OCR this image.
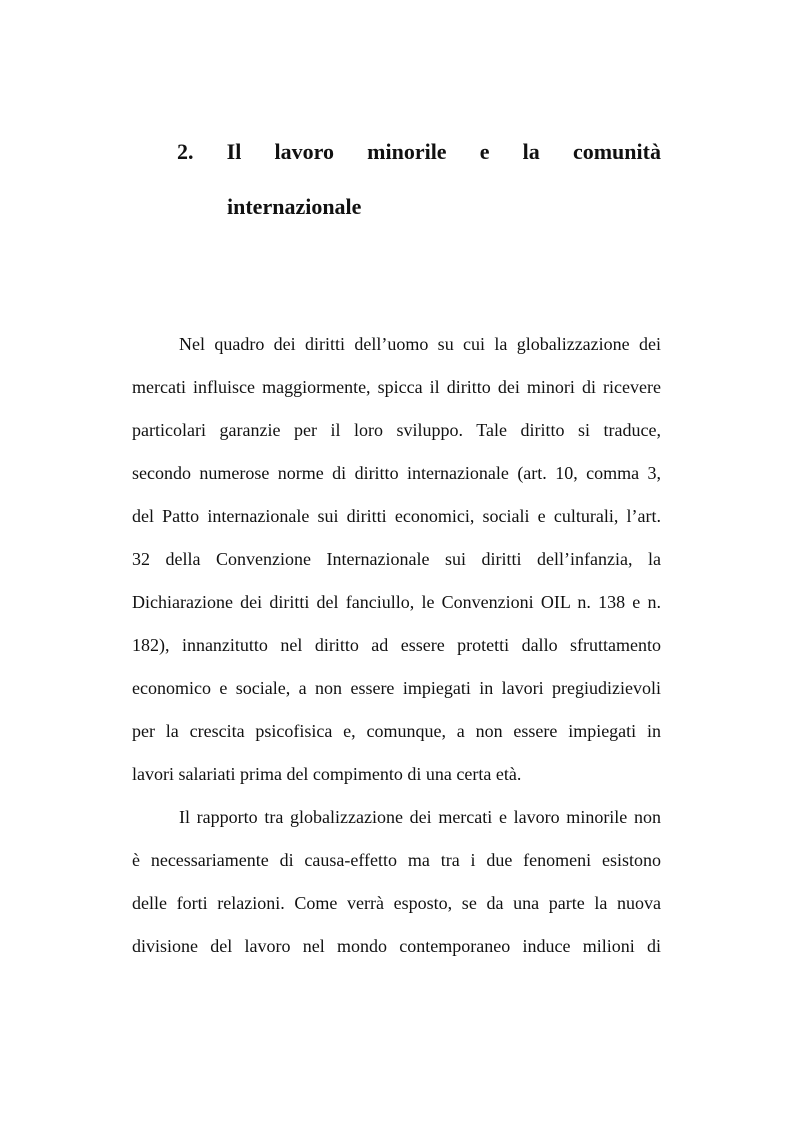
2. Il lavoro minorile e la comunità
internazionale
Nel quadro dei diritti dell’uomo su cui la globalizzazione dei
mercati influisce maggiormente, spicca il diritto dei minori di ricevere
particolari garanzie per il loro sviluppo. Tale diritto si traduce,
secondo numerose norme di diritto internazionale (art. 10, comma 3,
del Patto internazionale sui diritti economici, sociali e culturali, l’art.
32 della Convenzione Internazionale sui diritti dell’infanzia, la
Dichiarazione dei diritti del fanciullo, le Convenzioni OIL n. 138 e n.
182), innanzitutto nel diritto ad essere protetti dallo sfruttamento
economico e sociale, a non essere impiegati in lavori pregiudizievoli
per la crescita psicofisica e, comunque, a non essere impiegati in
lavori salariati prima del compimento di una certa età.
Il rapporto tra globalizzazione dei mercati e lavoro minorile non
è necessariamente di causa-effetto ma tra i due fenomeni esistono
delle forti relazioni. Come verrà esposto, se da una parte la nuova
divisione del lavoro nel mondo contemporaneo induce milioni di
